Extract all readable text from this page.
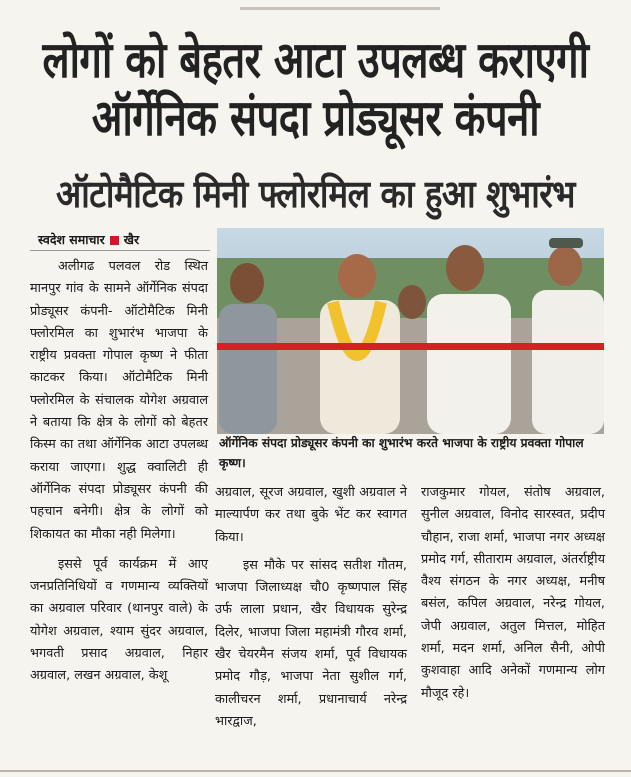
लोगों को बेहतर आटा उपलब्ध कराएगी
ऑर्गेनिक संपदा प्रोड्यूसर कंपनी
ऑटोमैटिक मिनी फ्लोरमिल का हुआ शुभारंभ
स्वदेश समाचार खैर

अलीगढ पलवल रोड स्थित मानपुर गांव के सामने ऑर्गेनिक संपदा प्रोड्यूसर कंपनी- ऑटोमैटिक मिनी फ्लोरमिल का शुभारंभ भाजपा के राष्ट्रीय प्रवक्ता गोपाल कृष्ण ने फीता काटकर किया। ऑटोमैटिक मिनी फ्लोरमिल के संचालक योगेश अग्रवाल ने बताया कि क्षेत्र के लोगों को बेहतर किस्म का तथा ऑर्गेनिक आटा उपलब्ध कराया जाएगा। शुद्ध क्वालिटी ही ऑर्गेनिक संपदा प्रोड्यूसर कंपनी की पहचान बनेगी। क्षेत्र के लोगों को शिकायत का मौका नही मिलेगा।

इससे पूर्व कार्यक्रम में आए जनप्रतिनिधियों व गणमान्य व्यक्तियों का अग्रवाल परिवार (थानपुर वाले) के योगेश अग्रवाल, श्याम सुंदर अग्रवाल, भगवती प्रसाद अग्रवाल, निहार अग्रवाल, लखन अग्रवाल, केशू

ऑर्गेनिक संपदा प्रोड्यूसर कंपनी का शुभारंभ करते भाजपा के राष्ट्रीय प्रवक्ता गोपाल कृष्ण।

अग्रवाल, सूरज अग्रवाल, खुशी अग्रवाल ने माल्यार्पण कर तथा बुके भेंट कर स्वागत किया।

इस मौके पर सांसद सतीश गौतम, भाजपा जिलाध्यक्ष चौ0 कृष्णपाल सिंह उर्फ लाला प्रधान, खैर विधायक सुरेन्द्र दिलेर, भाजपा जिला महामंत्री गौरव शर्मा, खैर चेयरमैन संजय शर्मा, पूर्व विधायक प्रमोद गौड़, भाजपा नेता सुशील गर्ग, कालीचरन शर्मा, प्रधानाचार्य नरेन्द्र भारद्वाज,

राजकुमार गोयल, संतोष अग्रवाल, सुनील अग्रवाल, विनोद सारस्वत, प्रदीप चौहान, राजा शर्मा, भाजपा नगर अध्यक्ष प्रमोद गर्ग, सीताराम अग्रवाल, अंतर्राष्ट्रीय वैश्य संगठन के नगर अध्यक्ष, मनीष बसंल, कपिल अग्रवाल, नरेन्द्र गोयल, जेपी अग्रवाल, अतुल मित्तल, मोहित शर्मा, मदन शर्मा, अनिल सैनी, ओपी कुशवाहा आदि अनेकों गणमान्य लोग मौजूद रहे।
